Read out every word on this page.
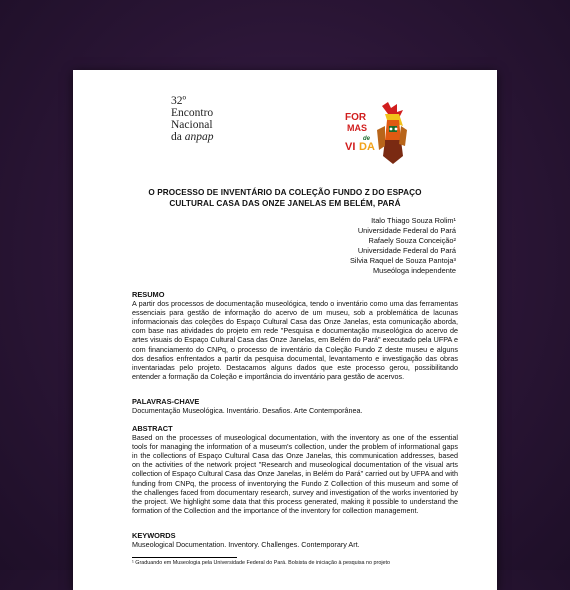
32º
Encontro
Nacional
da anpap
FOR
MAS
de
VI DA
O PROCESSO DE INVENTÁRIO DA COLEÇÃO FUNDO Z DO ESPAÇO
CULTURAL CASA DAS ONZE JANELAS EM BELÉM, PARÁ
Italo Thiago Souza Rolim¹
Universidade Federal do Pará
Rafaely Souza Conceição²
Universidade Federal do Pará
Silvia Raquel de Souza Pantoja³
Museóloga independente
RESUMO
A partir dos processos de documentação museológica, tendo o inventário como uma das ferramentas essenciais para gestão de informação do acervo de um museu, sob a problemática de lacunas informacionais das coleções do Espaço Cultural Casa das Onze Janelas, esta comunicação aborda, com base nas atividades do projeto em rede "Pesquisa e documentação museológica do acervo de artes visuais do Espaço Cultural Casa das Onze Janelas, em Belém do Pará" executado pela UFPA e com financiamento do CNPq, o processo de inventário da Coleção Fundo Z deste museu e alguns dos desafios enfrentados a partir da pesquisa documental, levantamento e investigação das obras inventariadas pelo projeto. Destacamos alguns dados que este processo gerou, possibilitando entender a formação da Coleção e importância do inventário para gestão de acervos.
PALAVRAS-CHAVE
Documentação Museológica. Inventário. Desafios. Arte Contemporânea.
ABSTRACT
Based on the processes of museological documentation, with the inventory as one of the essential tools for managing the information of a museum's collection, under the problem of informational gaps in the collections of Espaço Cultural Casa das Onze Janelas, this communication addresses, based on the activities of the network project "Research and museological documentation of the visual arts collection of Espaço Cultural Casa das Onze Janelas, in Belém do Pará" carried out by UFPA and with funding from CNPq, the process of inventorying the Fundo Z Collection of this museum and some of the challenges faced from documentary research, survey and investigation of the works inventoried by the project. We highlight some data that this process generated, making it possible to understand the formation of the Collection and the importance of the inventory for collection management.
KEYWORDS
Museological Documentation. Inventory. Challenges. Contemporary Art.
¹ Graduando em Museologia pela Universidade Federal do Pará. Bolsista de iniciação à pesquisa no projeto
